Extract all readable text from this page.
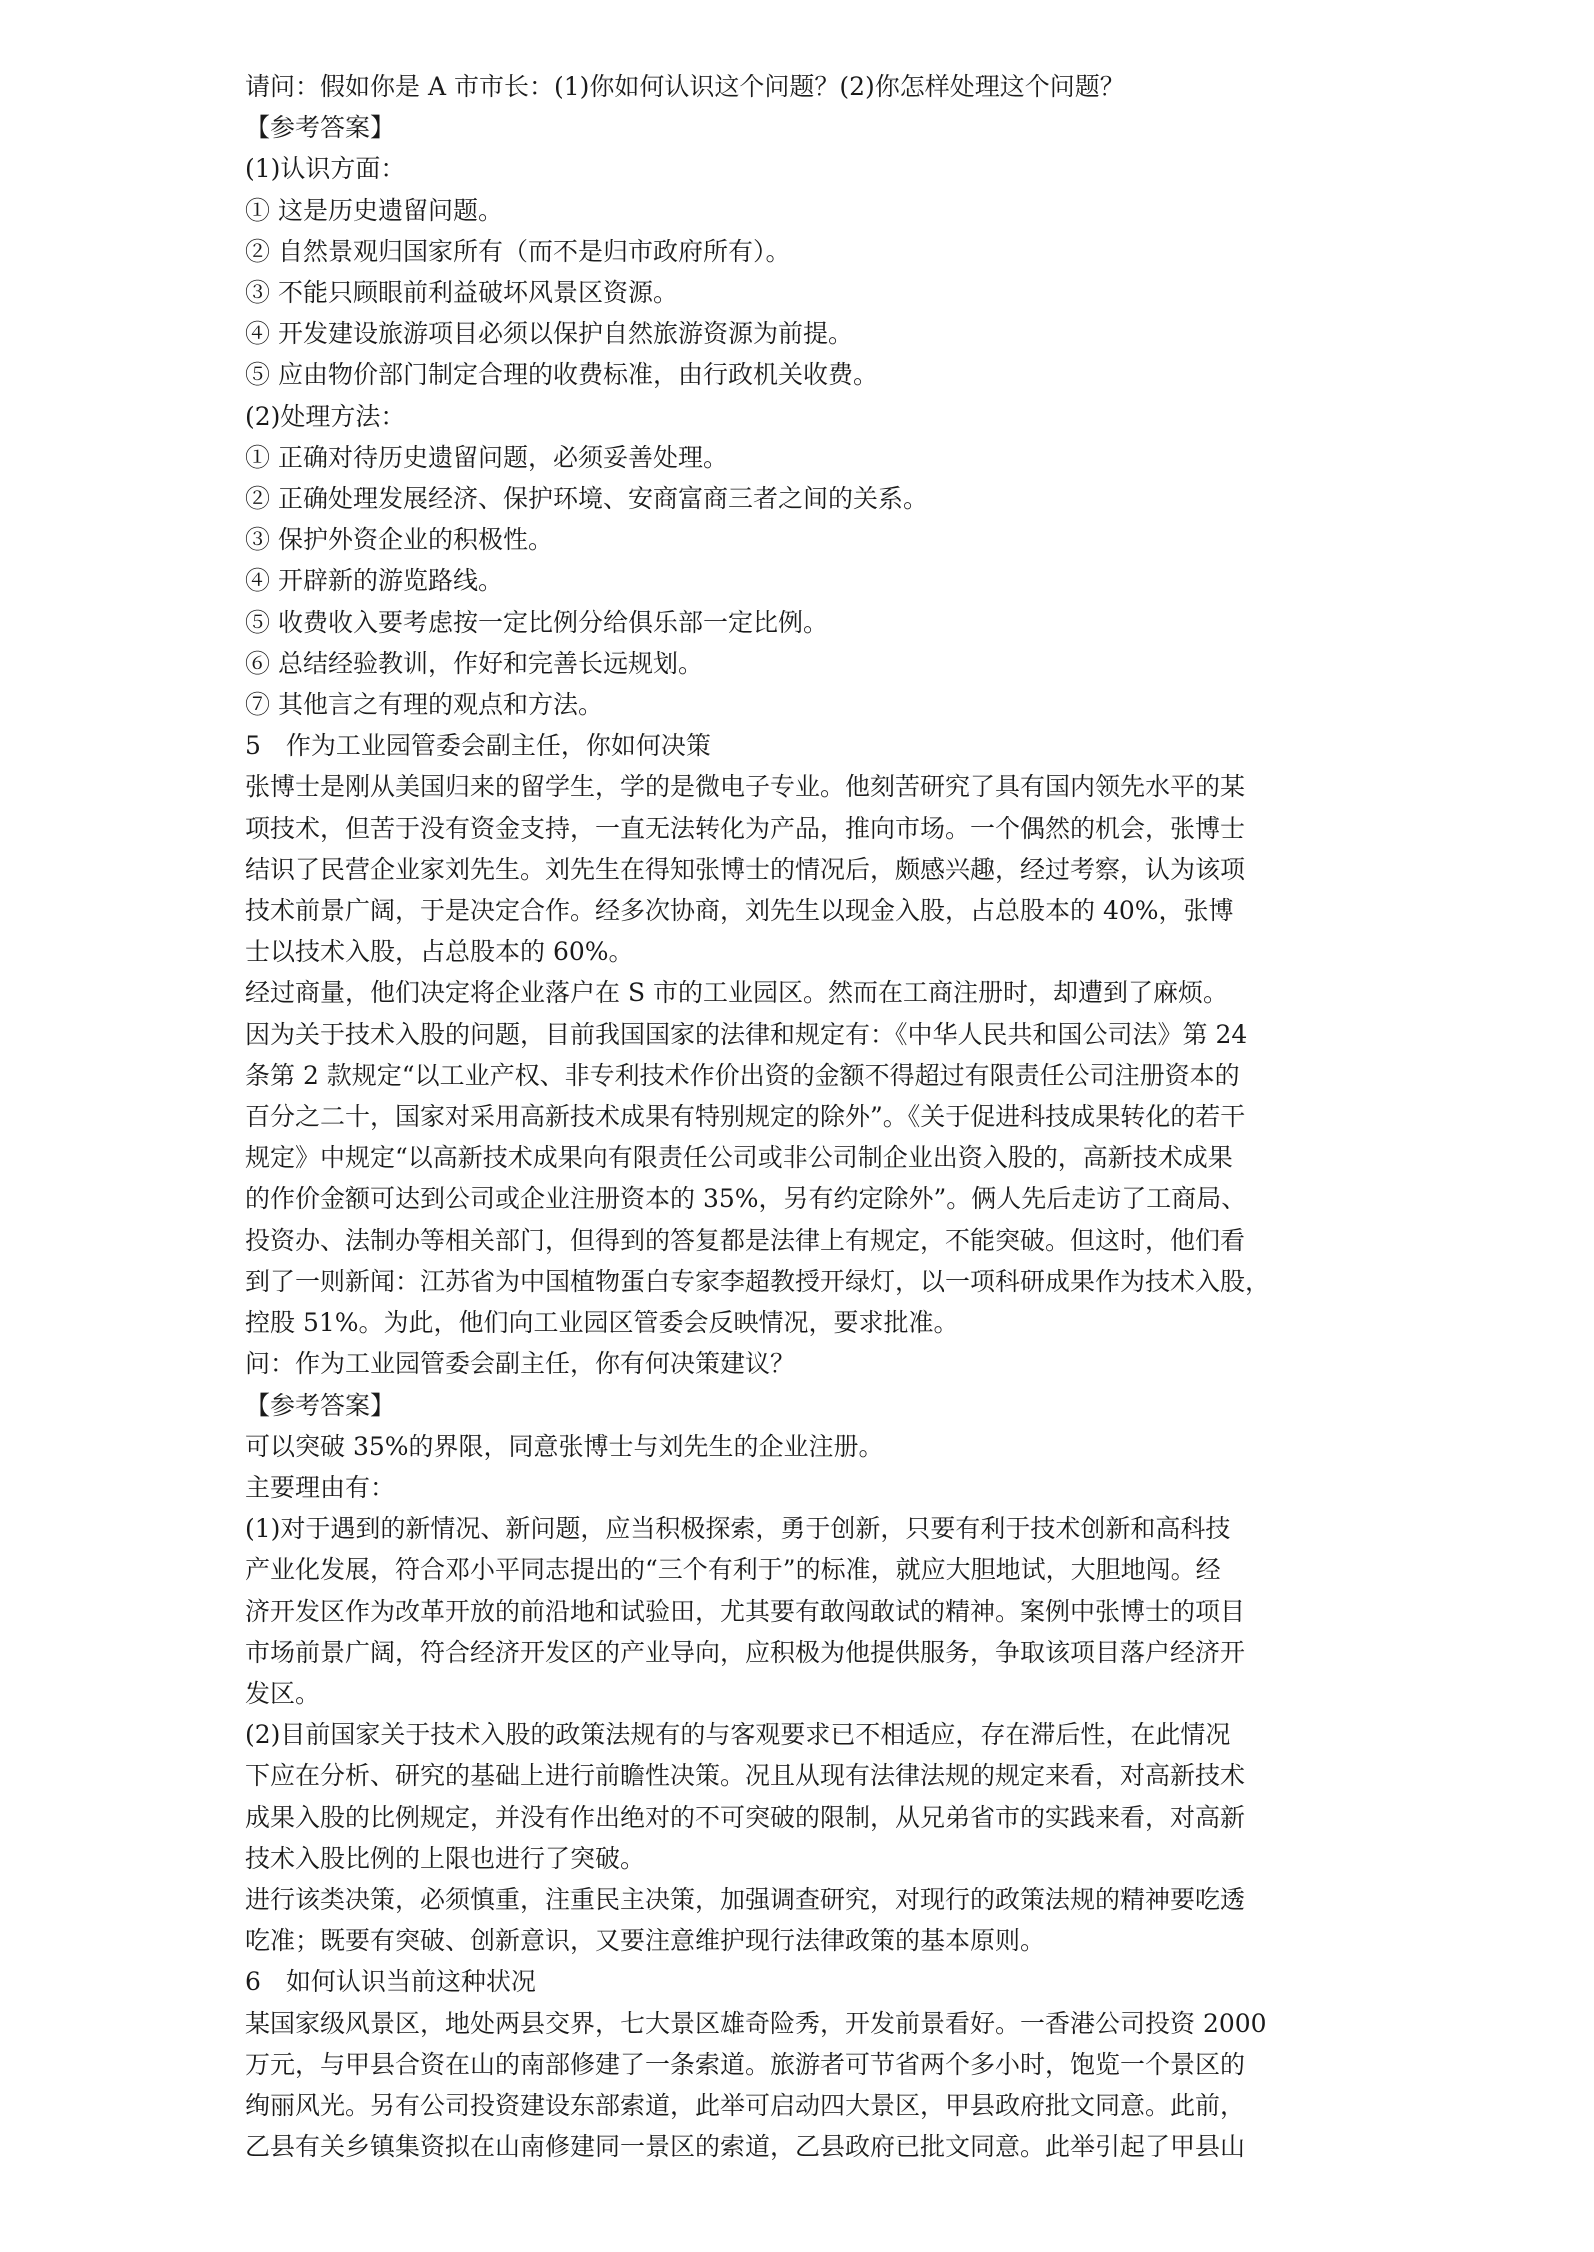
请问：假如你是 A 市市长：(1)你如何认识这个问题？(2)你怎样处理这个问题？
【参考答案】
(1)认识方面：
① 这是历史遗留问题。
② 自然景观归国家所有（而不是归市政府所有）。
③ 不能只顾眼前利益破坏风景区资源。
④ 开发建设旅游项目必须以保护自然旅游资源为前提。
⑤ 应由物价部门制定合理的收费标准，由行政机关收费。
(2)处理方法：
① 正确对待历史遗留问题，必须妥善处理。
② 正确处理发展经济、保护环境、安商富商三者之间的关系。
③ 保护外资企业的积极性。
④ 开辟新的游览路线。
⑤ 收费收入要考虑按一定比例分给俱乐部一定比例。
⑥ 总结经验教训，作好和完善长远规划。
⑦ 其他言之有理的观点和方法。
5　作为工业园管委会副主任，你如何决策
张博士是刚从美国归来的留学生，学的是微电子专业。他刻苦研究了具有国内领先水平的某
项技术，但苦于没有资金支持，一直无法转化为产品，推向市场。一个偶然的机会，张博士
结识了民营企业家刘先生。刘先生在得知张博士的情况后，颇感兴趣，经过考察，认为该项
技术前景广阔，于是决定合作。经多次协商，刘先生以现金入股，占总股本的 40%，张博
士以技术入股，占总股本的 60%。
经过商量，他们决定将企业落户在 S 市的工业园区。然而在工商注册时，却遭到了麻烦。
因为关于技术入股的问题，目前我国国家的法律和规定有：《中华人民共和国公司法》第 24
条第 2 款规定“以工业产权、非专利技术作价出资的金额不得超过有限责任公司注册资本的
百分之二十，国家对采用高新技术成果有特别规定的除外”。《关于促进科技成果转化的若干
规定》中规定“以高新技术成果向有限责任公司或非公司制企业出资入股的，高新技术成果
的作价金额可达到公司或企业注册资本的 35%，另有约定除外”。俩人先后走访了工商局、
投资办、法制办等相关部门，但得到的答复都是法律上有规定，不能突破。但这时，他们看
到了一则新闻：江苏省为中国植物蛋白专家李超教授开绿灯，以一项科研成果作为技术入股，
控股 51%。为此，他们向工业园区管委会反映情况，要求批准。
问：作为工业园管委会副主任，你有何决策建议？
【参考答案】
可以突破 35%的界限，同意张博士与刘先生的企业注册。
主要理由有：
(1)对于遇到的新情况、新问题，应当积极探索，勇于创新，只要有利于技术创新和高科技
产业化发展，符合邓小平同志提出的“三个有利于”的标准，就应大胆地试，大胆地闯。经
济开发区作为改革开放的前沿地和试验田，尤其要有敢闯敢试的精神。案例中张博士的项目
市场前景广阔，符合经济开发区的产业导向，应积极为他提供服务，争取该项目落户经济开
发区。
(2)目前国家关于技术入股的政策法规有的与客观要求已不相适应，存在滞后性，在此情况
下应在分析、研究的基础上进行前瞻性决策。况且从现有法律法规的规定来看，对高新技术
成果入股的比例规定，并没有作出绝对的不可突破的限制，从兄弟省市的实践来看，对高新
技术入股比例的上限也进行了突破。
进行该类决策，必须慎重，注重民主决策，加强调查研究，对现行的政策法规的精神要吃透
吃准；既要有突破、创新意识，又要注意维护现行法律政策的基本原则。
6　如何认识当前这种状况
某国家级风景区，地处两县交界，七大景区雄奇险秀，开发前景看好。一香港公司投资 2000
万元，与甲县合资在山的南部修建了一条索道。旅游者可节省两个多小时，饱览一个景区的
绚丽风光。另有公司投资建设东部索道，此举可启动四大景区，甲县政府批文同意。此前，
乙县有关乡镇集资拟在山南修建同一景区的索道，乙县政府已批文同意。此举引起了甲县山
